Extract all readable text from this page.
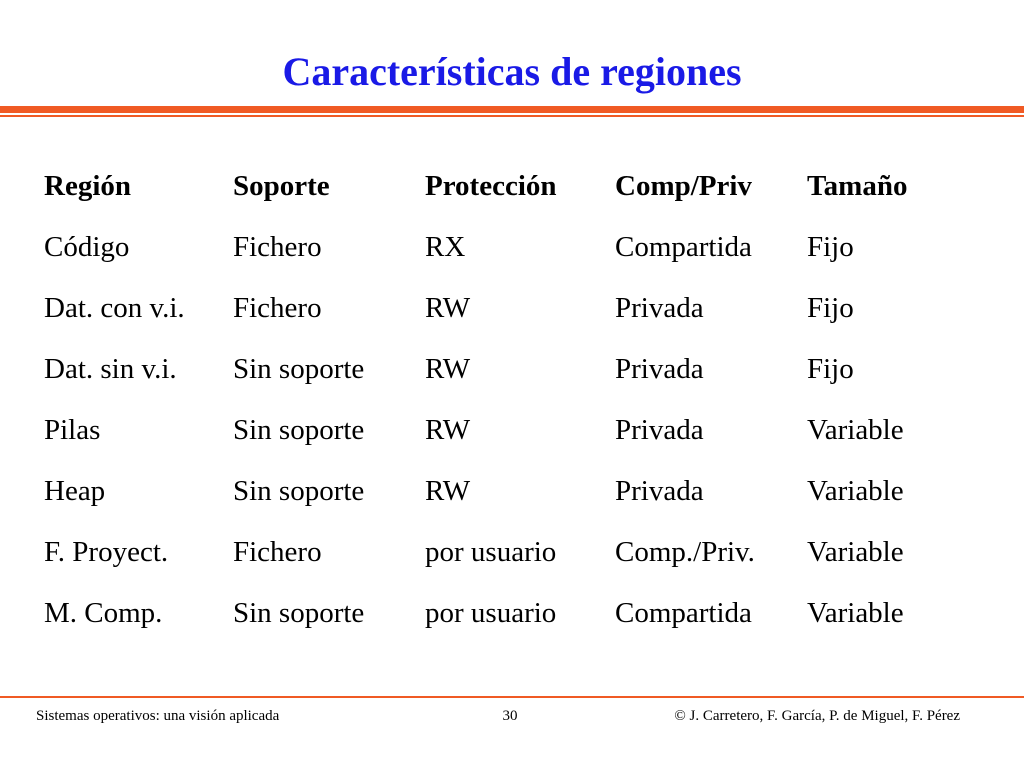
Características de regiones
Región	Soporte	Protección	Comp/Priv	Tamaño
Código	Fichero	RX	Compartida	Fijo
Dat. con v.i.	Fichero	RW	Privada	Fijo
Dat. sin v.i.	Sin soporte	RW	Privada	Fijo
Pilas	Sin soporte	RW	Privada	Variable
Heap	Sin soporte	RW	Privada	Variable
F. Proyect.	Fichero	por usuario	Comp./Priv.	Variable
M. Comp.	Sin soporte	por usuario	Compartida	Variable
Sistemas operativos: una visión aplicada	30	© J. Carretero, F. García, P. de Miguel, F. Pérez
